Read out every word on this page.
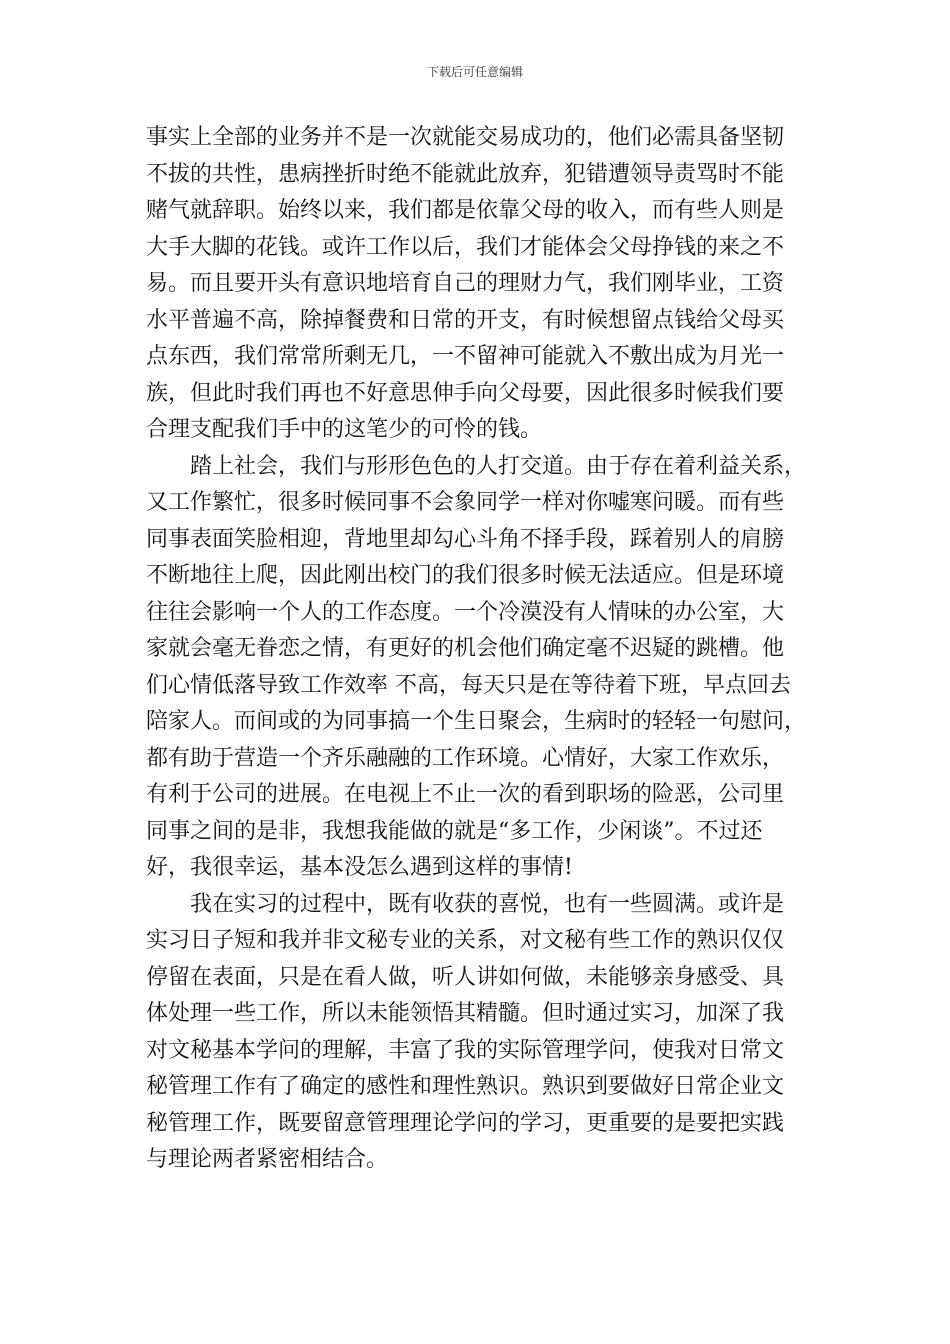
下载后可任意编辑
事实上全部的业务并不是一次就能交易成功的，他们必需具备坚韧
不拔的共性，患病挫折时绝不能就此放弃，犯错遭领导责骂时不能
赌气就辞职。始终以来，我们都是依靠父母的收入，而有些人则是
大手大脚的花钱。或许工作以后，我们才能体会父母挣钱的来之不
易。而且要开头有意识地培育自己的理财力气，我们刚毕业，工资
水平普遍不高，除掉餐费和日常的开支，有时候想留点钱给父母买
点东西，我们常常所剩无几，一不留神可能就入不敷出成为月光一
族，但此时我们再也不好意思伸手向父母要，因此很多时候我们要
合理支配我们手中的这笔少的可怜的钱。
踏上社会，我们与形形色色的人打交道。由于存在着利益关系，
又工作繁忙，很多时候同事不会象同学一样对你嘘寒问暖。而有些
同事表面笑脸相迎，背地里却勾心斗角不择手段，踩着别人的肩膀
不断地往上爬，因此刚出校门的我们很多时候无法适应。但是环境
往往会影响一个人的工作态度。一个冷漠没有人情味的办公室，大
家就会毫无眷恋之情，有更好的机会他们确定毫不迟疑的跳槽。他
们心情低落导致工作效率 不高，每天只是在等待着下班，早点回去
陪家人。而间或的为同事搞一个生日聚会，生病时的轻轻一句慰问，
都有助于营造一个齐乐融融的工作环境。心情好，大家工作欢乐，
有利于公司的进展。在电视上不止一次的看到职场的险恶，公司里
同事之间的是非，我想我能做的就是“多工作，少闲谈”。不过还
好，我很幸运，基本没怎么遇到这样的事情!
我在实习的过程中，既有收获的喜悦，也有一些圆满。或许是
实习日子短和我并非文秘专业的关系，对文秘有些工作的熟识仅仅
停留在表面，只是在看人做，听人讲如何做，未能够亲身感受、具
体处理一些工作，所以未能领悟其精髓。但时通过实习，加深了我
对文秘基本学问的理解，丰富了我的实际管理学问，使我对日常文
秘管理工作有了确定的感性和理性熟识。熟识到要做好日常企业文
秘管理工作，既要留意管理理论学问的学习，更重要的是要把实践
与理论两者紧密相结合。
